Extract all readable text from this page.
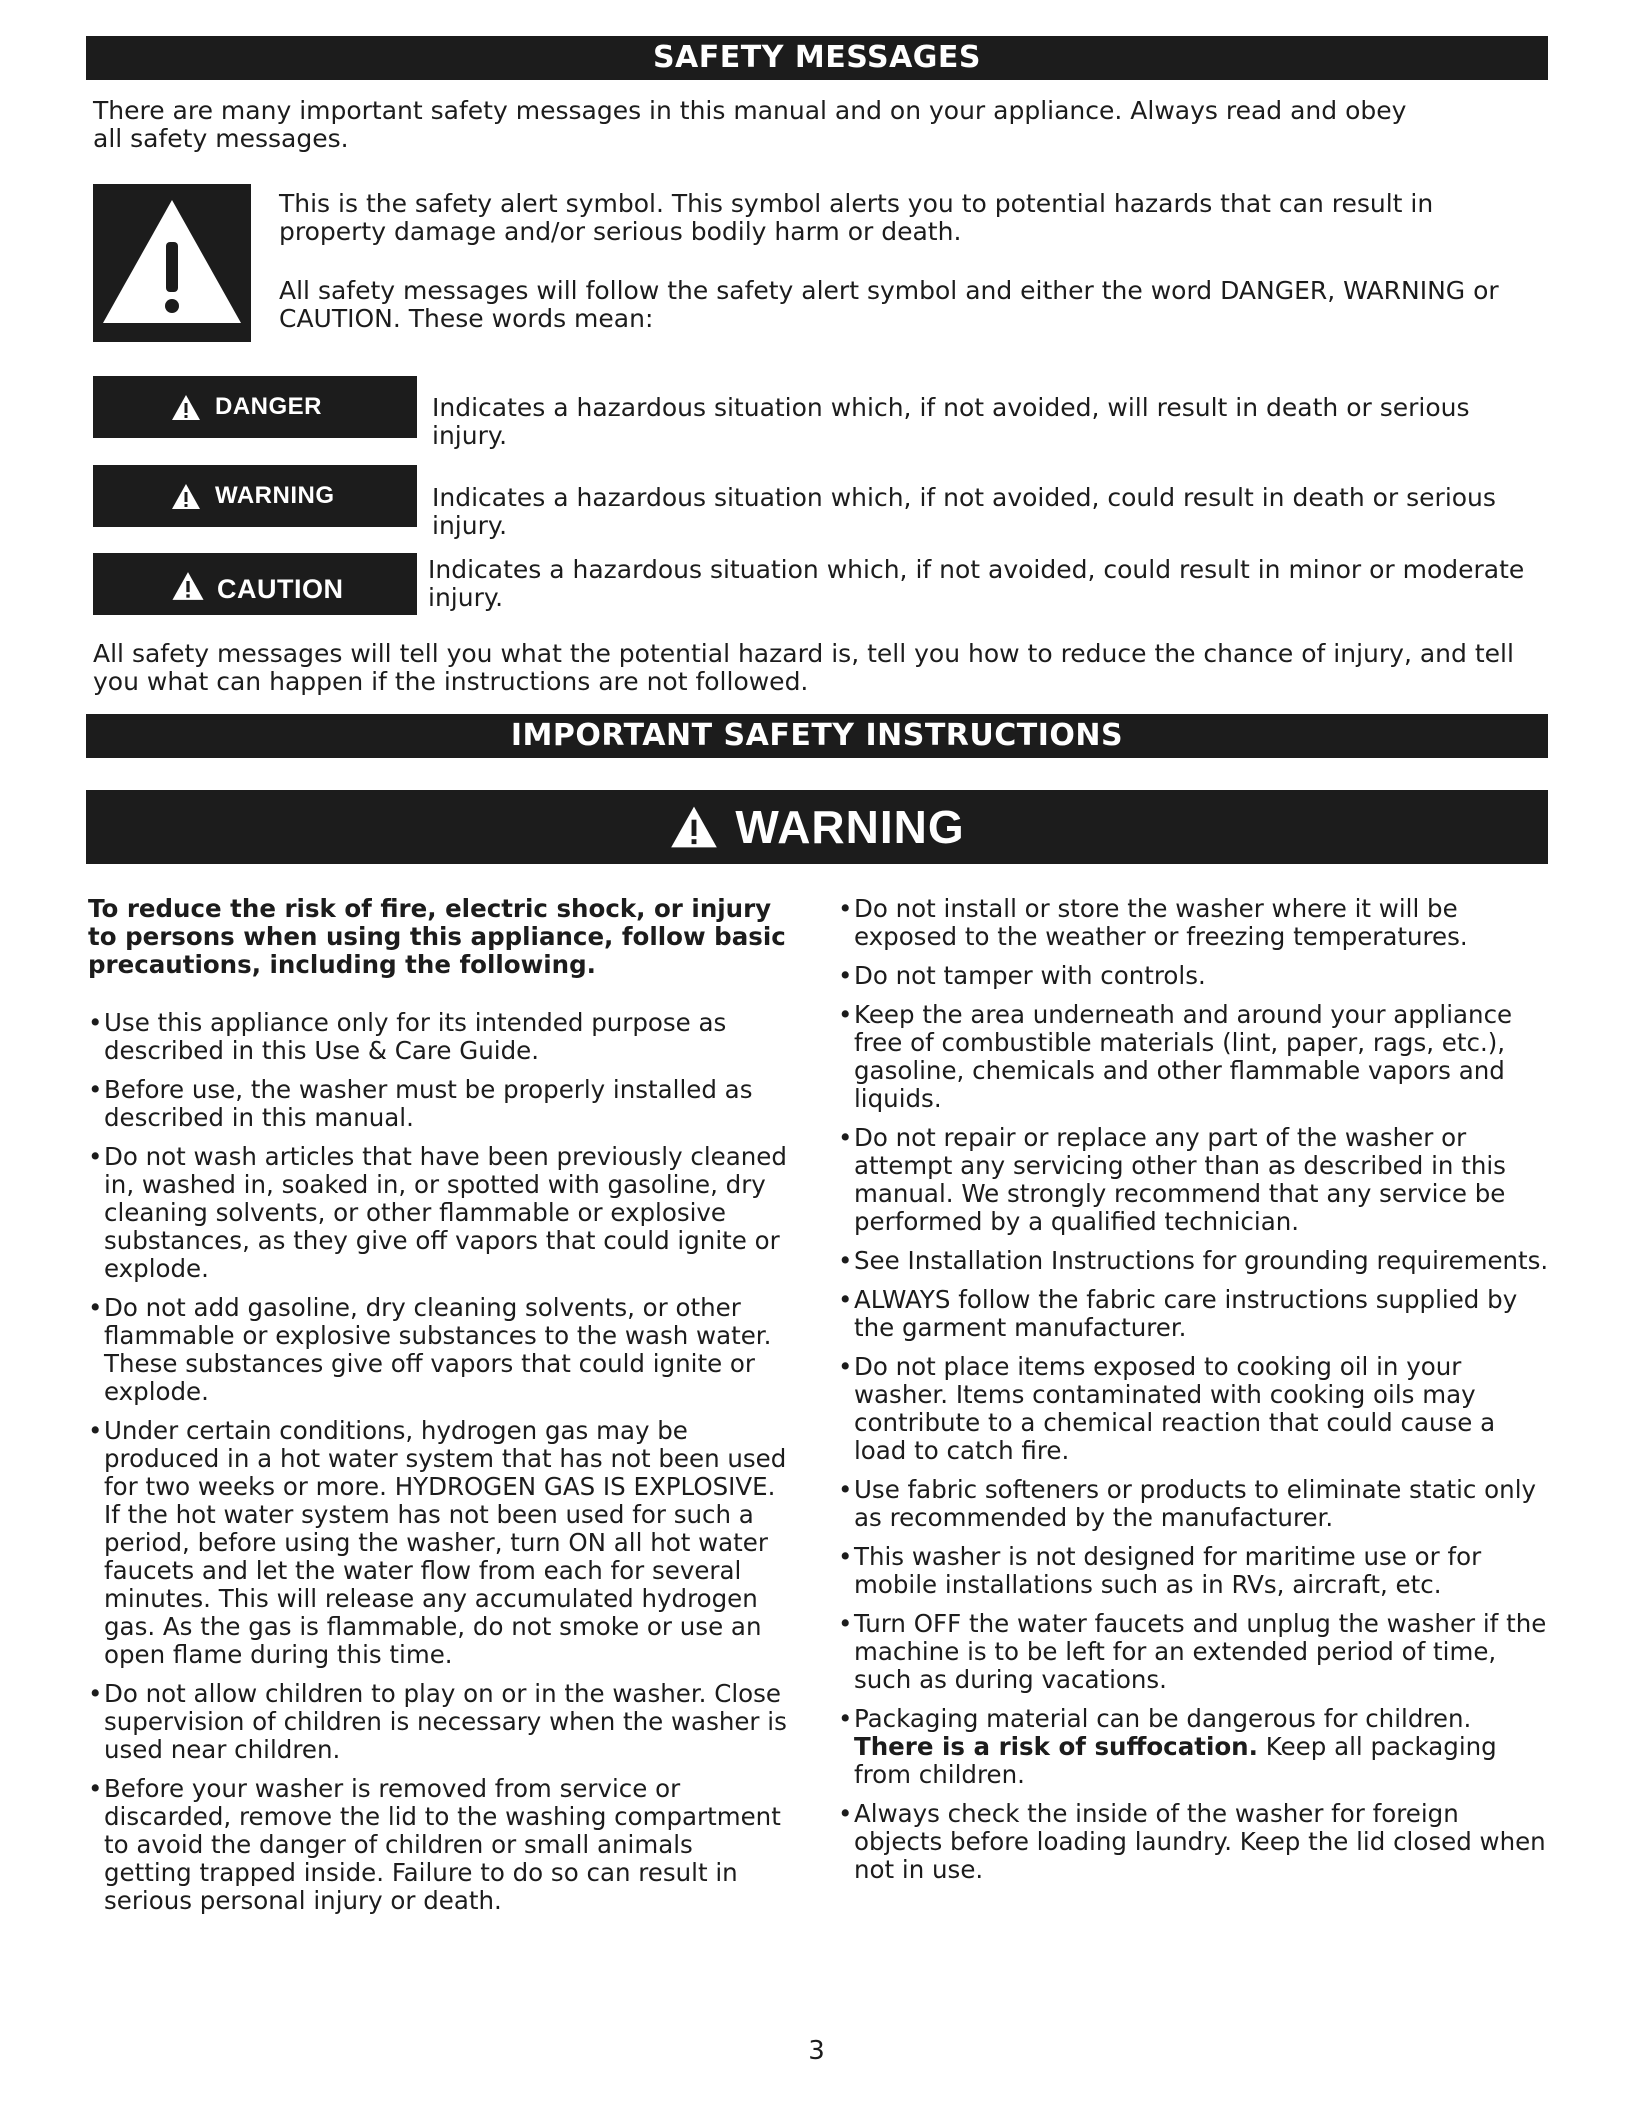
SAFETY MESSAGES

There are many important safety messages in this manual and on your appliance. Always read and obey all safety messages.

This is the safety alert symbol. This symbol alerts you to potential hazards that can result in property damage and/or serious bodily harm or death.

All safety messages will follow the safety alert symbol and either the word DANGER, WARNING or CAUTION. These words mean:

DANGER	Indicates a hazardous situation which, if not avoided, will result in death or serious injury.
WARNING	Indicates a hazardous situation which, if not avoided, could result in death or serious injury.
CAUTION
Indicates a hazardous situation which, if not avoided, could result in minor or moderate injury.

All safety messages will tell you what the potential hazard is, tell you how to reduce the chance of injury, and tell you what can happen if the instructions are not followed.

IMPORTANT SAFETY INSTRUCTIONS
WARNING

To reduce the risk of fire, electric shock, or injury to persons when using this appliance, follow basic precautions, including the following.

• Use this appliance only for its intended purpose as described in this Use & Care Guide.
• Before use, the washer must be properly installed as described in this manual.
• Do not wash articles that have been previously cleaned in, washed in, soaked in, or spotted with gasoline, dry cleaning solvents, or other flammable or explosive substances, as they give off vapors that could ignite or explode.
• Do not add gasoline, dry cleaning solvents, or other flammable or explosive substances to the wash water. These substances give off vapors that could ignite or explode.
• Under certain conditions, hydrogen gas may be produced in a hot water system that has not been used for two weeks or more. HYDROGEN GAS IS EXPLOSIVE. If the hot water system has not been used for such a period, before using the washer, turn ON all hot water faucets and let the water flow from each for several minutes. This will release any accumulated hydrogen gas. As the gas is flammable, do not smoke or use an open flame during this time.
• Do not allow children to play on or in the washer. Close supervision of children is necessary when the washer is used near children.
• Before your washer is removed from service or discarded, remove the lid to the washing compartment to avoid the danger of children or small animals getting trapped inside. Failure to do so can result in serious personal injury or death.
• Do not install or store the washer where it will be exposed to the weather or freezing temperatures.
• Do not tamper with controls.
• Keep the area underneath and around your appliance free of combustible materials (lint, paper, rags, etc.), gasoline, chemicals and other flammable vapors and liquids.
• Do not repair or replace any part of the washer or attempt any servicing other than as described in this manual. We strongly recommend that any service be performed by a qualified technician.
• See Installation Instructions for grounding requirements.
• ALWAYS follow the fabric care instructions supplied by the garment manufacturer.
• Do not place items exposed to cooking oil in your washer. Items contaminated with cooking oils may contribute to a chemical reaction that could cause a load to catch fire.
• Use fabric softeners or products to eliminate static only as recommended by the manufacturer.
• This washer is not designed for maritime use or for mobile installations such as in RVs, aircraft, etc.
• Turn OFF the water faucets and unplug the washer if the machine is to be left for an extended period of time, such as during vacations.
• Packaging material can be dangerous for children. There is a risk of suffocation. Keep all packaging from children.
• Always check the inside of the washer for foreign objects before loading laundry. Keep the lid closed when not in use.
3
